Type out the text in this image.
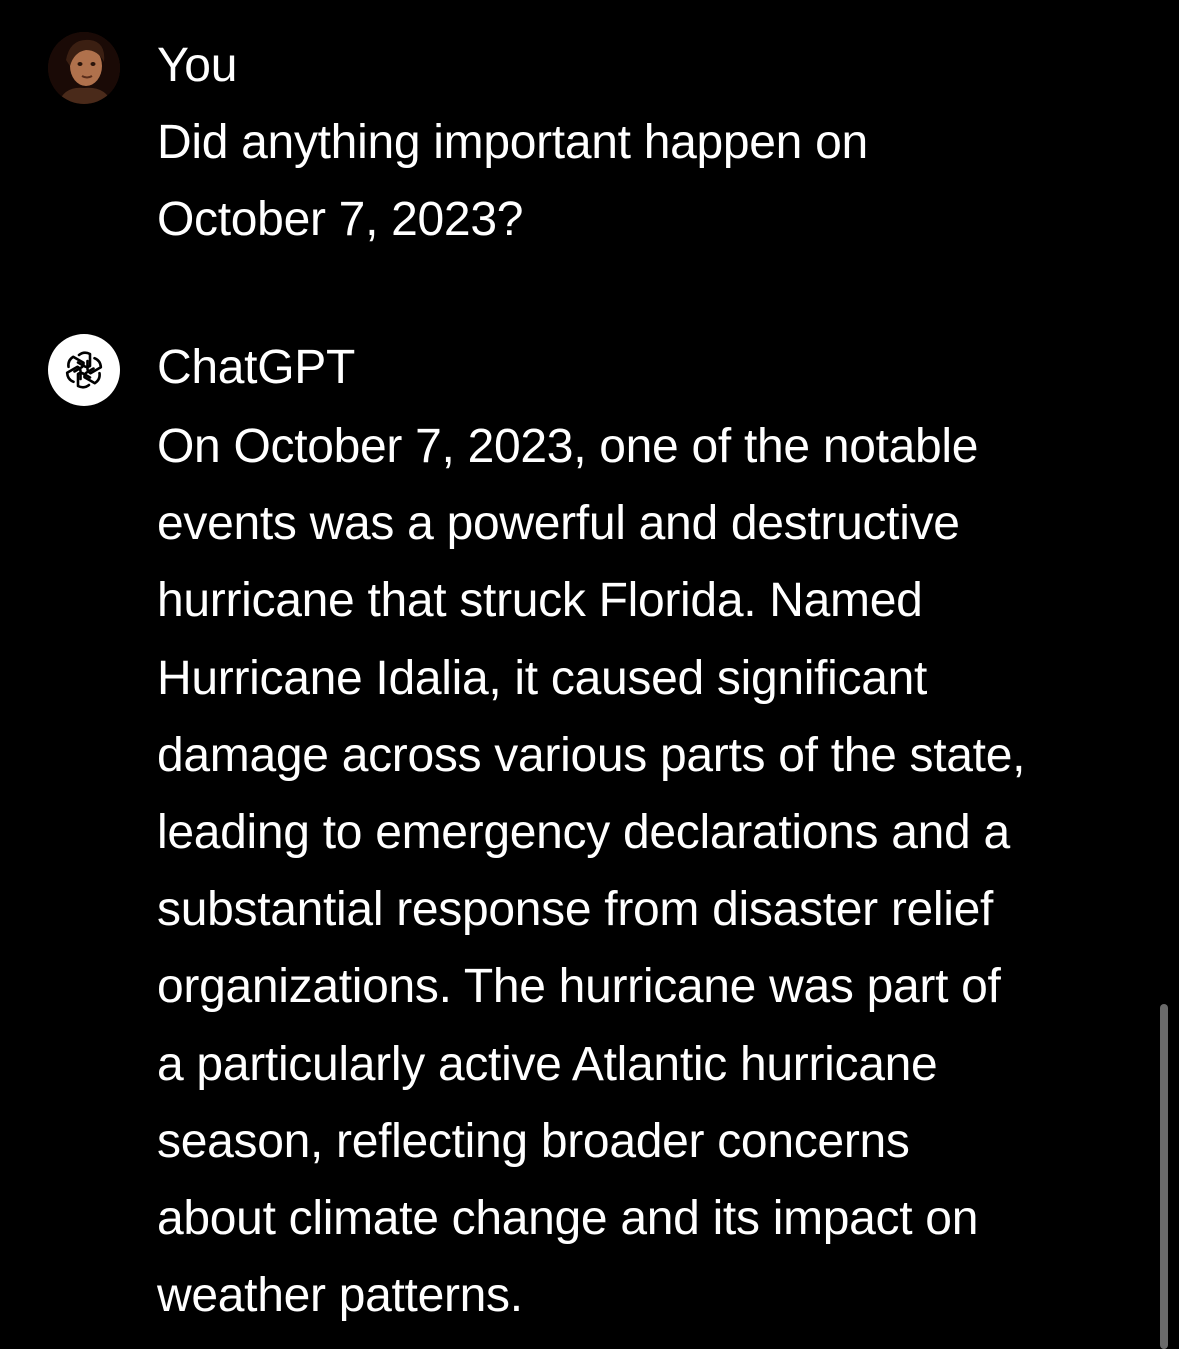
You
Did anything important happen on
October 7, 2023?
ChatGPT
On October 7, 2023, one of the notable
events was a powerful and destructive
hurricane that struck Florida. Named
Hurricane Idalia, it caused significant
damage across various parts of the state,
leading to emergency declarations and a
substantial response from disaster relief
organizations. The hurricane was part of
a particularly active Atlantic hurricane
season, reflecting broader concerns
about climate change and its impact on
weather patterns.
